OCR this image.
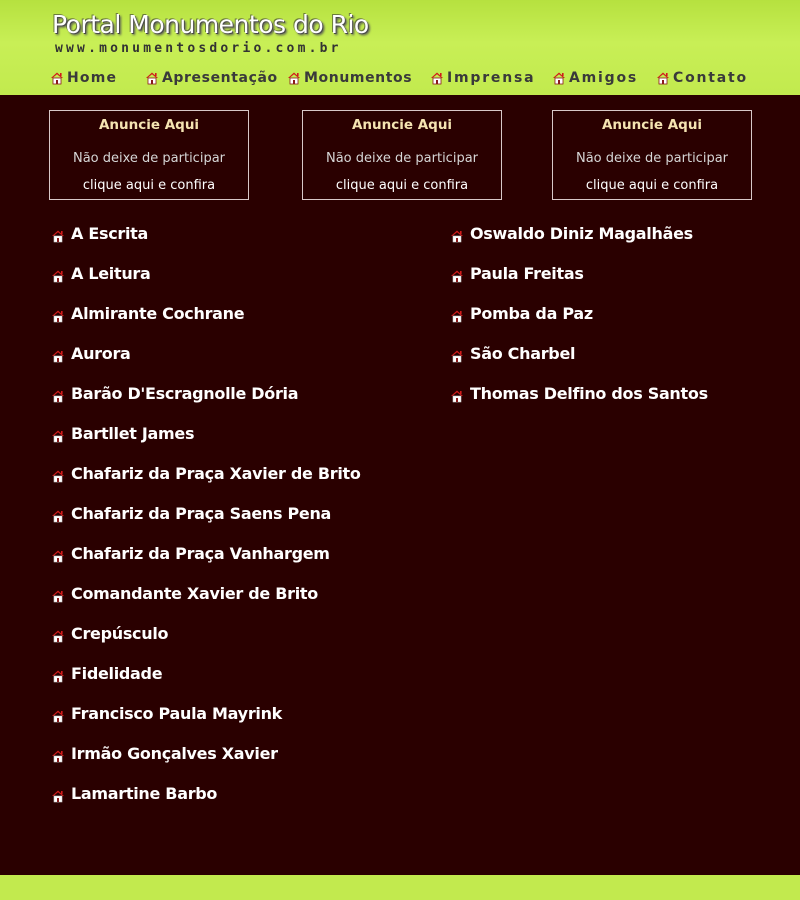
Portal Monumentos do Rio
www.monumentosdorio.com.br
Home	Apresentação Monumentos Imprensa Amigos	Contato
Anuncie Aqui
Não deixe de participar
clique aqui e confira
Anuncie Aqui
Não deixe de participar
clique aqui e confira
Anuncie Aqui
Não deixe de participar
clique aqui e confira
A Escrita
A Leitura
Almirante Cochrane
Aurora
Barão D'Escragnolle Dória
Bartllet James
Chafariz da Praça Xavier de Brito
Chafariz da Praça Saens Pena
Chafariz da Praça Vanhargem
Comandante Xavier de Brito
Crepúsculo
Fidelidade
Francisco Paula Mayrink
Irmão Gonçalves Xavier
Lamartine Barbo
Oswaldo Diniz Magalhães
Paula Freitas
Pomba da Paz
São Charbel
Thomas Delfino dos Santos
